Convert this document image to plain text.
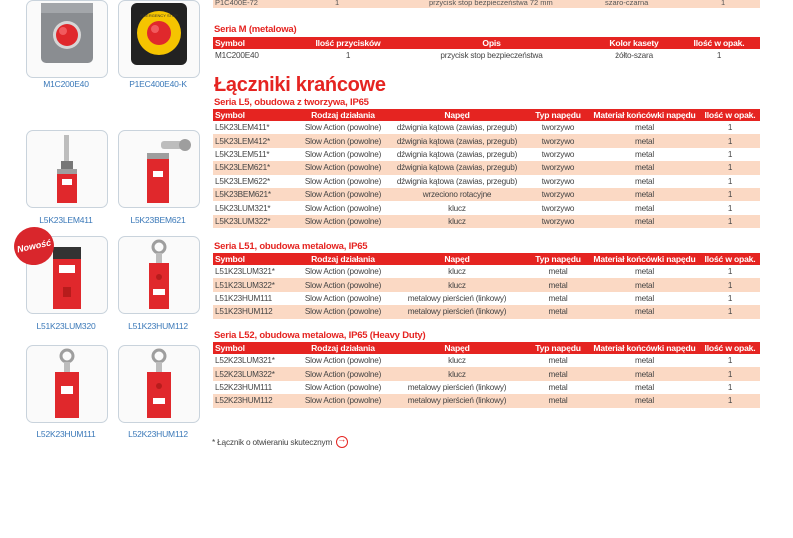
M1C200E40
EMERGENCY STOP
P1EC400E40-K
L5K23LEM411	L5K23BEM621
L51K23LUM320
Nowość
L51K23HUM112
L52K23HUM111	L52K23HUM112
P1C400E-72	1	przycisk stop bezpieczeństwa 72 mm	szaro-czarna	1
Seria M (metalowa)
Symbol	Ilość przycisków	Opis	Kolor kasety	Ilość w opak.
M1C200E40	1	przycisk stop bezpieczeństwa	żółto-szara	1
Łączniki krańcowe
Seria L5, obudowa z tworzywa, IP65
Symbol	Rodzaj działania	Napęd	Typ napędu	Materiał końcówki napędu	Ilość w opak.
L5K23LEM411*	Slow Action (powolne)	dźwignia kątowa (zawias, przegub)	tworzywo	metal	1
L5K23LEM412*	Slow Action (powolne)	dźwignia kątowa (zawias, przegub)	tworzywo	metal	1
L5K23LEM511*	Slow Action (powolne)	dźwignia kątowa (zawias, przegub)	tworzywo	metal	1
L5K23LEM621*	Slow Action (powolne)	dźwignia kątowa (zawias, przegub)	tworzywo	metal	1
L5K23LEM622*	Slow Action (powolne)	dźwignia kątowa (zawias, przegub)	tworzywo	metal	1
L5K23BEM621*	Slow Action (powolne)	wrzeciono rotacyjne	tworzywo	metal	1
L5K23LUM321*	Slow Action (powolne)	klucz	tworzywo	metal	1
L5K23LUM322*	Slow Action (powolne)	klucz	tworzywo	metal	1
Seria L51, obudowa metalowa, IP65
Symbol	Rodzaj działania	Napęd	Typ napędu	Materiał końcówki napędu	Ilość w opak.
L51K23LUM321*	Slow Action (powolne)	klucz	metal	metal	1
L51K23LUM322*	Slow Action (powolne)	klucz	metal	metal	1
L51K23HUM111	Slow Action (powolne)	metalowy pierścień (linkowy)	metal	metal	1
L51K23HUM112	Slow Action (powolne)	metalowy pierścień (linkowy)	metal	metal	1
Seria L52, obudowa metalowa, IP65 (Heavy Duty)
Symbol	Rodzaj działania	Napęd	Typ napędu	Materiał końcówki napędu	Ilość w opak.
L52K23LUM321*	Slow Action (powolne)	klucz	metal	metal	1
L52K23LUM322*	Slow Action (powolne)	klucz	metal	metal	1
L52K23HUM111	Slow Action (powolne)	metalowy pierścień (linkowy)	metal	metal	1
L52K23HUM112	Slow Action (powolne)	metalowy pierścień (linkowy)	metal	metal	1
* Łącznik o otwieraniu skutecznym
→
